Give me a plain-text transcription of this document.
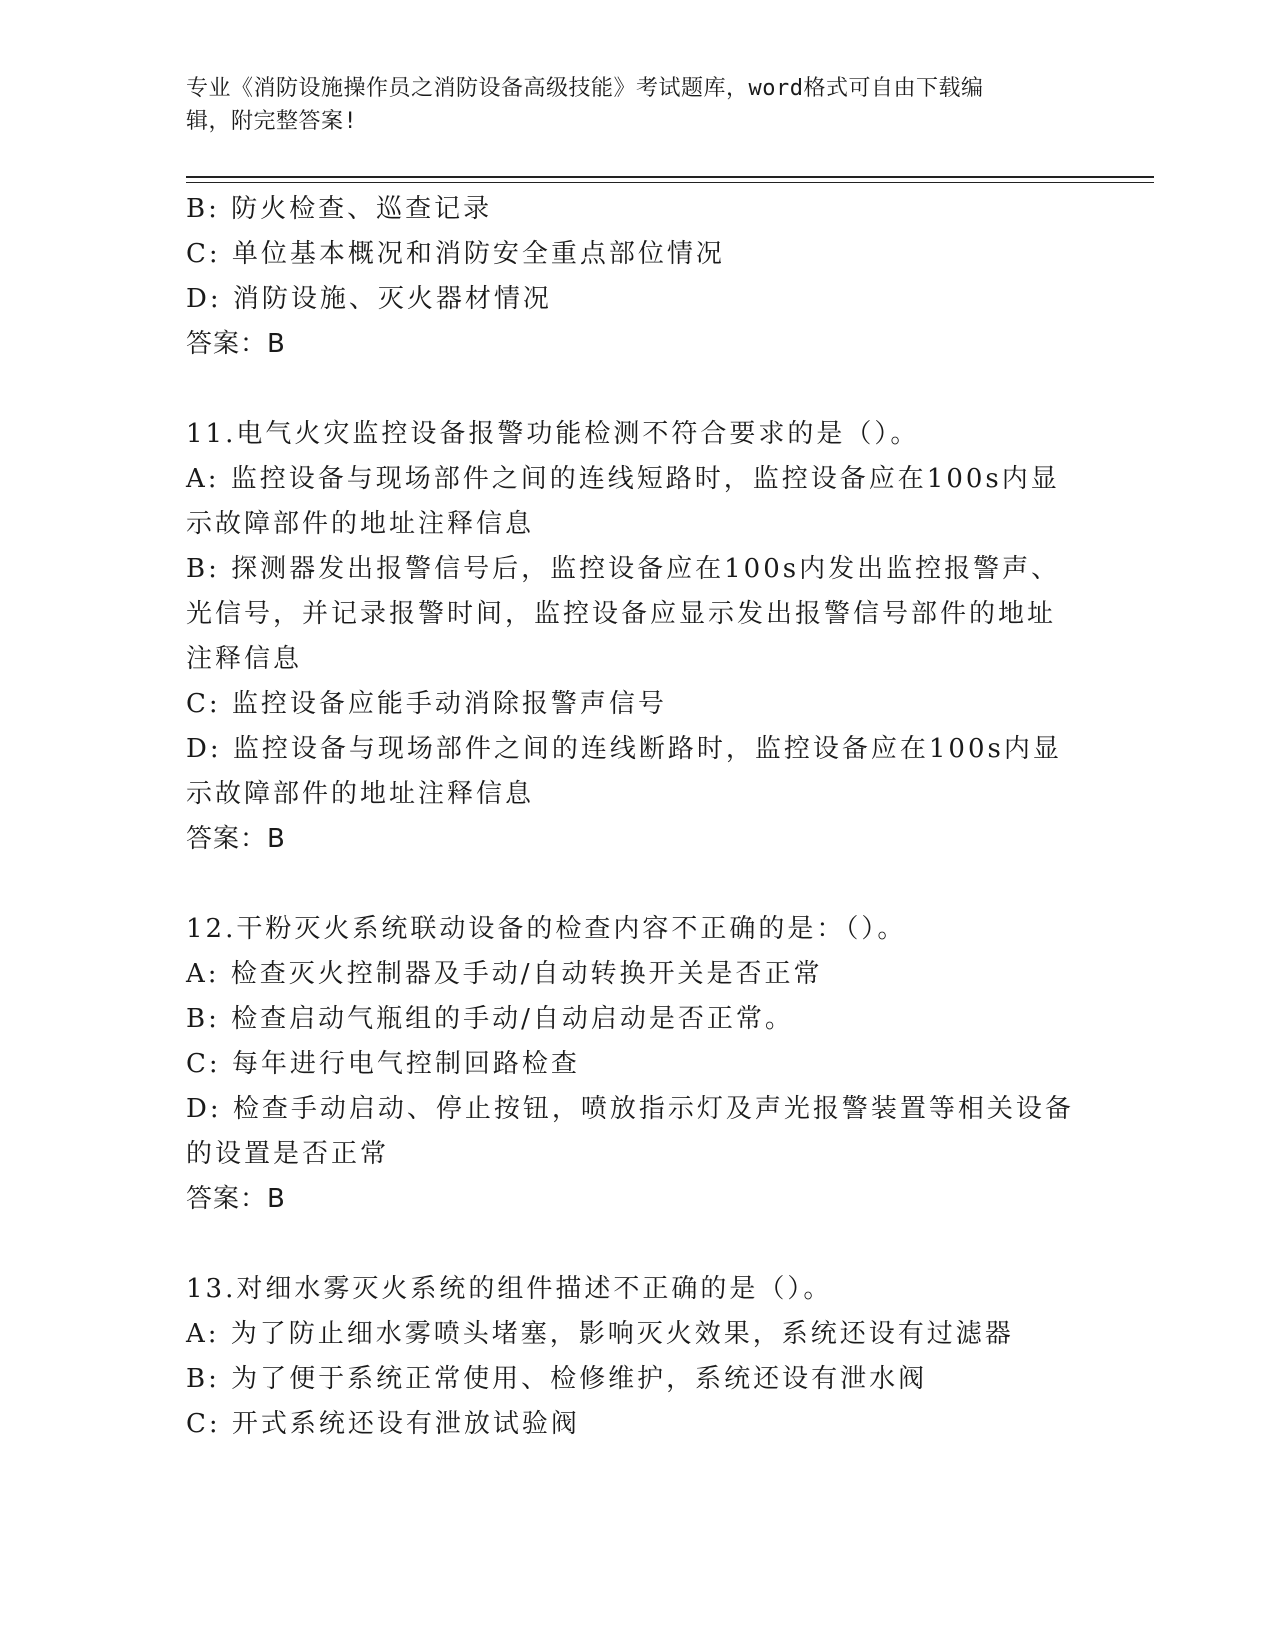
专业《消防设施操作员之消防设备高级技能》考试题库，word格式可自由下载编
辑，附完整答案!
B: 防火检查、巡查记录
C: 单位基本概况和消防安全重点部位情况
D: 消防设施、灭火器材情况
答案：B
11.电气火灾监控设备报警功能检测不符合要求的是（）。
A: 监控设备与现场部件之间的连线短路时，监控设备应在100s内显
示故障部件的地址注释信息
B: 探测器发出报警信号后，监控设备应在100s内发出监控报警声、
光信号，并记录报警时间，监控设备应显示发出报警信号部件的地址
注释信息
C: 监控设备应能手动消除报警声信号
D: 监控设备与现场部件之间的连线断路时，监控设备应在100s内显
示故障部件的地址注释信息
答案：B
12.干粉灭火系统联动设备的检查内容不正确的是：（）。
A: 检查灭火控制器及手动/自动转换开关是否正常
B: 检查启动气瓶组的手动/自动启动是否正常。
C: 每年进行电气控制回路检查
D: 检查手动启动、停止按钮，喷放指示灯及声光报警装置等相关设备
的设置是否正常
答案：B
13.对细水雾灭火系统的组件描述不正确的是（）。
A: 为了防止细水雾喷头堵塞，影响灭火效果，系统还设有过滤器
B: 为了便于系统正常使用、检修维护，系统还设有泄水阀
C: 开式系统还设有泄放试验阀
